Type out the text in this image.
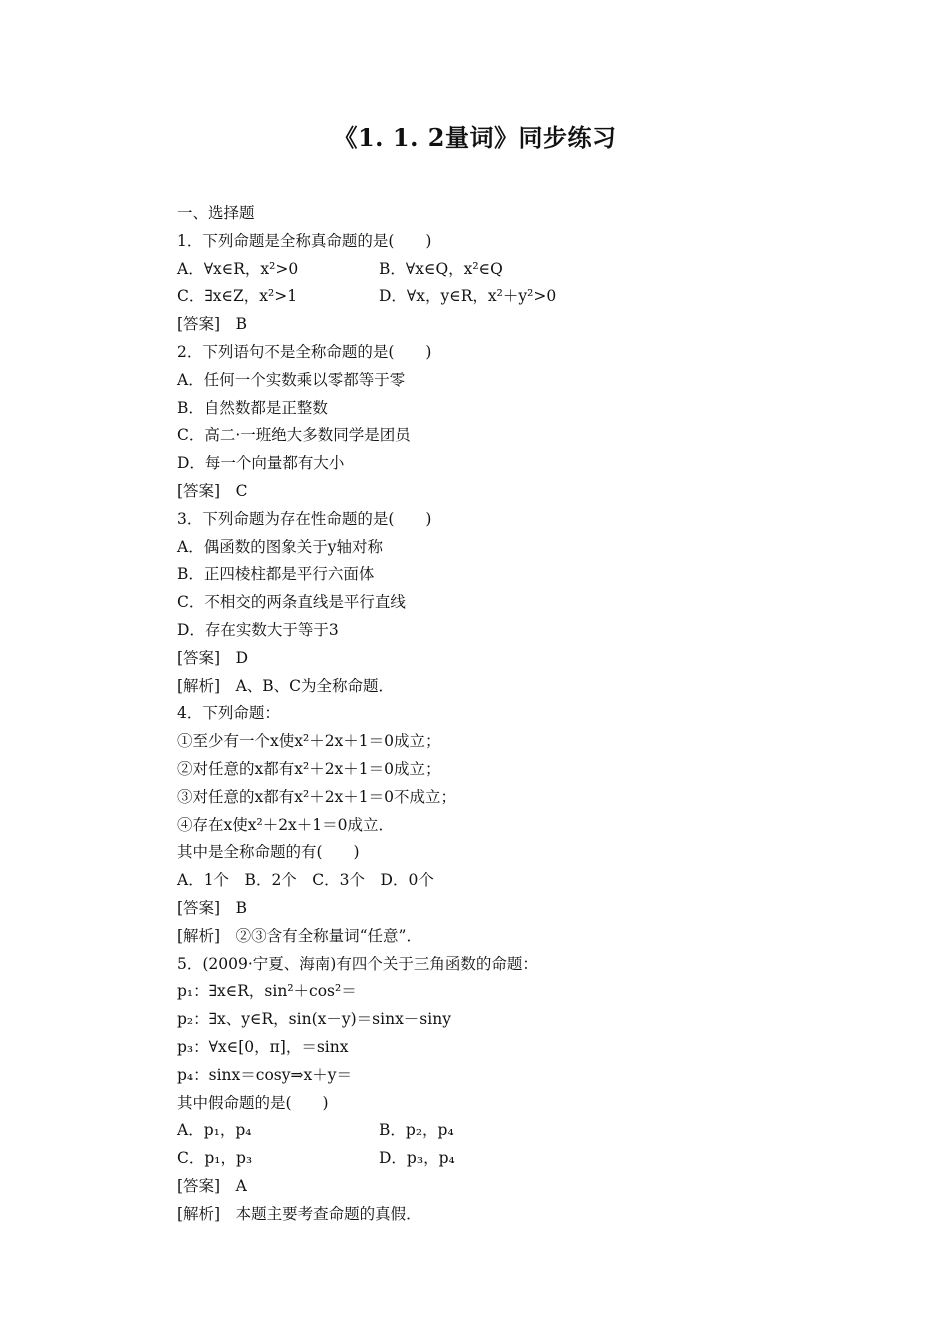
《1. 1. 2量词》同步练习
一、选择题
1．下列命题是全称真命题的是(　　)
A．∀x∈R，x²>0	B．∀x∈Q，x²∈Q
C．∃x∈Z，x²>1	D．∀x，y∈R，x²＋y²>0
[答案]　B
2．下列语句不是全称命题的是(　　)
A．任何一个实数乘以零都等于零
B．自然数都是正整数
C．高二·一班绝大多数同学是团员
D．每一个向量都有大小
[答案]　C
3．下列命题为存在性命题的是(　　)
A．偶函数的图象关于y轴对称
B．正四棱柱都是平行六面体
C．不相交的两条直线是平行直线
D．存在实数大于等于3
[答案]　D
[解析]　A、B、C为全称命题．
4．下列命题：
①至少有一个x使x²＋2x＋1＝0成立；
②对任意的x都有x²＋2x＋1＝0成立；
③对任意的x都有x²＋2x＋1＝0不成立；
④存在x使x²＋2x＋1＝0成立．
其中是全称命题的有(　　)
A．1个　B．2个　C．3个　D．0个
[答案]　B
[解析]　②③含有全称量词“任意”．
5．(2009·宁夏、海南)有四个关于三角函数的命题：
p₁：∃x∈R，sin²＋cos²＝
p₂：∃x、y∈R，sin(x－y)＝sinx－siny
p₃：∀x∈[0，π]，＝sinx
p₄：sinx＝cosy⇒x＋y＝
其中假命题的是(　　)
A．p₁，p₄	B．p₂，p₄
C．p₁，p₃	D．p₃，p₄
[答案]　A
[解析]　本题主要考查命题的真假．
